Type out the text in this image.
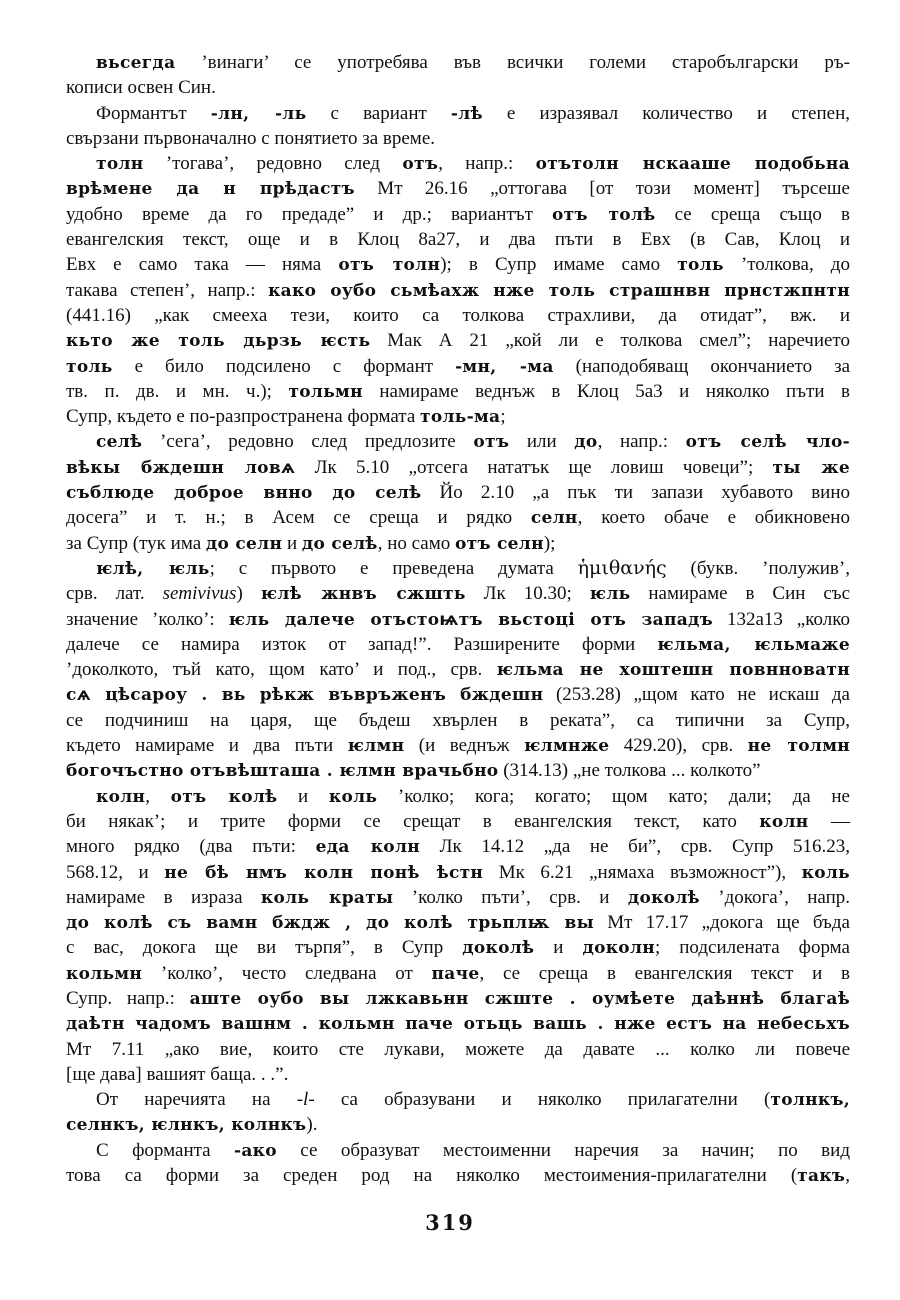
вьсегда ’винаги’ се употребява във всички големи старобългарски ръ-
кописи освен Син.
Формантът -лн, -ль с вариант -лѣ е изразявал количество и степен,
свързани първоначално с понятието за време.
толн ’тогава’, редовно след отъ, напр.: отътолн нскааше подобьна
врѣмене да н прѣдастъ Мт 26.16 „оттогава [от този момент] търсеше
удобно време да го предаде” и др.; вариантът отъ толѣ се среща също в
евангелския текст, още и в Клоц 8а27, и два пъти в Евх (в Сав, Клоц и
Евх е само така — няма отъ толн); в Супр имаме само толь ’толкова, до
такава степен’, напр.: како оубо сьмѣахж нже толь страшнвн прнстжпнтн
(441.16) „как смееха тези, които са толкова страхливи, да отидат”, вж. и
кьто же толь дьрзь ѥсть Мак А 21 „кой ли е толкова смел”; наречието
толь е било подсилено с формант -мн, -ма (наподобяващ окончанието за
тв. п. дв. и мн. ч.); тольмн намираме веднъж в Клоц 5а3 и няколко пъти в
Супр, където е по-разпространена формата толь-ма;
селѣ ’сега’, редовно след предлозите отъ или до, напр.: отъ селѣ чло-
вѣкы бждешн ловѧ Лк 5.10 „отсега нататък ще ловиш човеци”; ты же
съблюде доброе внно до селѣ Йо 2.10 „а пък ти запази хубавото вино
досега” и т. н.; в Асем се среща и рядко селн, което обаче е обикновено
за Супр (тук има до селн и до селѣ, но само отъ селн);
ѥлѣ, ѥль; с първото е преведена думата ἡμιθανής (букв. ’полужив’,
срв. лат. semivivus) ѥлѣ жнвъ сжшть Лк 10.30; ѥль намираме в Син със
значение ’колко’: ѥль далече отъстоѩтъ вьстоці отъ западъ 132а13 „колко
далече се намира изток от запад!”. Разширените форми ѥльма, ѥльмаже
’доколкото, тъй като, щом като’ и под., срв. ѥльма не хоштешн повнноватн
сѧ цѣсароу . вь рѣкж въвръженъ бждешн (253.28) „щом като не искаш да
се подчиниш на царя, ще бъдеш хвърлен в реката”, са типични за Супр,
където намираме и два пъти ѥлмн (и веднъж ѥлмнже 429.20), срв. не толмн
богочъстно отъвѣшташа . ѥлмн врачьбно (314.13) „не толкова ... колкото”
колн, отъ колѣ и коль ’колко; кога; когато; щом като; дали; да не
би някак’; и трите форми се срещат в евангелския текст, като колн —
много рядко (два пъти: еда колн Лк 14.12 „да не би”, срв. Супр 516.23,
568.12, и не бѣ нмъ колн понѣ ѣстн Мк 6.21 „нямаха възможност”), коль
намираме в израза коль краты ’колко пъти’, срв. и доколѣ ’докога’, напр.
до колѣ съ вамн бждж , до колѣ трьплѭ вы Мт 17.17 „докога ще бъда
с вас, докога ще ви търпя”, в Супр доколѣ и доколн; подсилената форма
кольмн ’колко’, често следвана от паче, се среща в евангелския текст и в
Супр. напр.: аште оубо вы лжкавьнн сжште . оумѣете даѣннѣ благаѣ
даѣтн чадомъ вашнм . кольмн паче отьць вашь . нже естъ на небесьхъ
Мт 7.11 „ако вие, които сте лукави, можете да давате ... колко ли повече
[ще дава] вашият баща. . .”.
От наречията на -l- са образувани и няколко прилагателни (толнкъ,
селнкъ, ѥлнкъ, колнкъ).
С форманта -ако се образуват местоименни наречия за начин; по вид
това са форми за среден род на няколко местоимения-прилагателни (такъ,
319
